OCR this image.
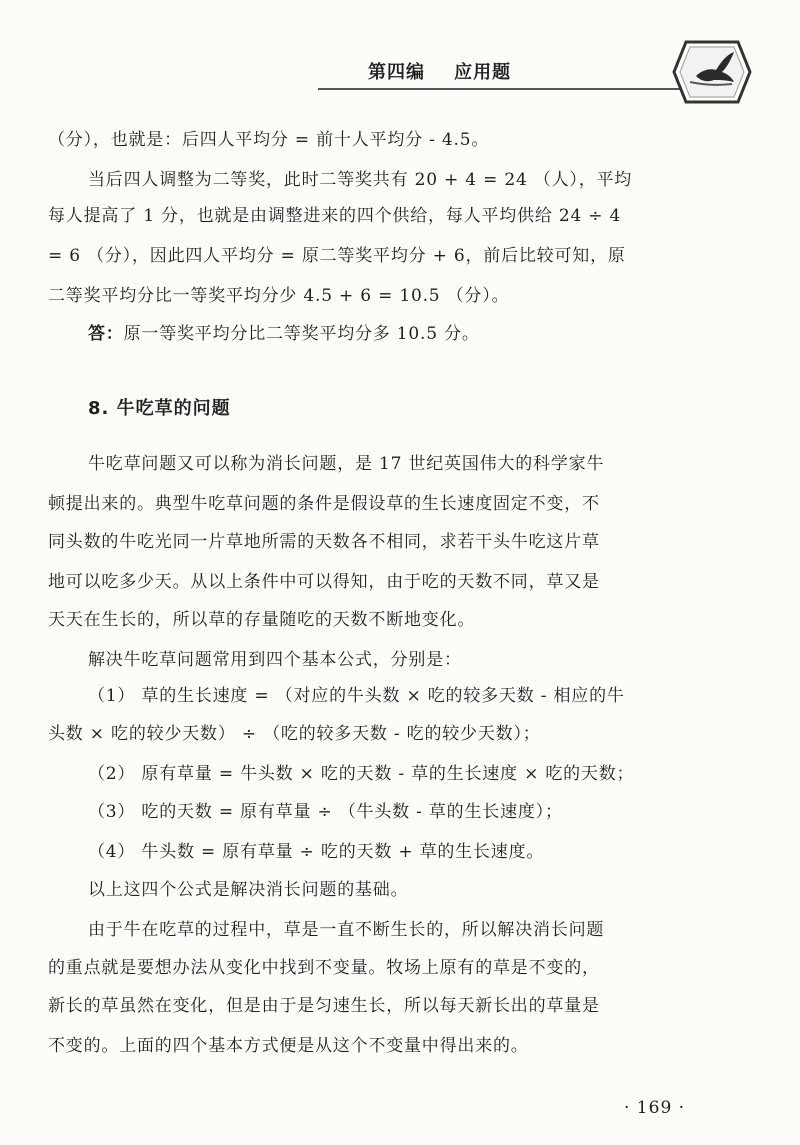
第四编    应用题
（分），也就是：后四人平均分 = 前十人平均分 - 4.5。
当后四人调整为二等奖，此时二等奖共有 20 + 4 = 24 （人），平均
每人提高了 1 分，也就是由调整进来的四个供给，每人平均供给 24 ÷ 4
= 6 （分），因此四人平均分 = 原二等奖平均分 + 6，前后比较可知，原
二等奖平均分比一等奖平均分少 4.5 + 6 = 10.5 （分）。
答：原一等奖平均分比二等奖平均分多 10.5 分。
8. 牛吃草的问题
牛吃草问题又可以称为消长问题，是 17 世纪英国伟大的科学家牛
顿提出来的。典型牛吃草问题的条件是假设草的生长速度固定不变，不
同头数的牛吃光同一片草地所需的天数各不相同，求若干头牛吃这片草
地可以吃多少天。从以上条件中可以得知，由于吃的天数不同，草又是
天天在生长的，所以草的存量随吃的天数不断地变化。
解决牛吃草问题常用到四个基本公式，分别是：
（1） 草的生长速度 = （对应的牛头数 × 吃的较多天数 - 相应的牛
头数 × 吃的较少天数） ÷ （吃的较多天数 - 吃的较少天数）；
（2） 原有草量 = 牛头数 × 吃的天数 - 草的生长速度 × 吃的天数；
（3） 吃的天数 = 原有草量 ÷ （牛头数 - 草的生长速度）；
（4） 牛头数 = 原有草量 ÷ 吃的天数 + 草的生长速度。
以上这四个公式是解决消长问题的基础。
由于牛在吃草的过程中，草是一直不断生长的，所以解决消长问题
的重点就是要想办法从变化中找到不变量。牧场上原有的草是不变的，
新长的草虽然在变化，但是由于是匀速生长，所以每天新长出的草量是
不变的。上面的四个基本方式便是从这个不变量中得出来的。
· 169 ·
